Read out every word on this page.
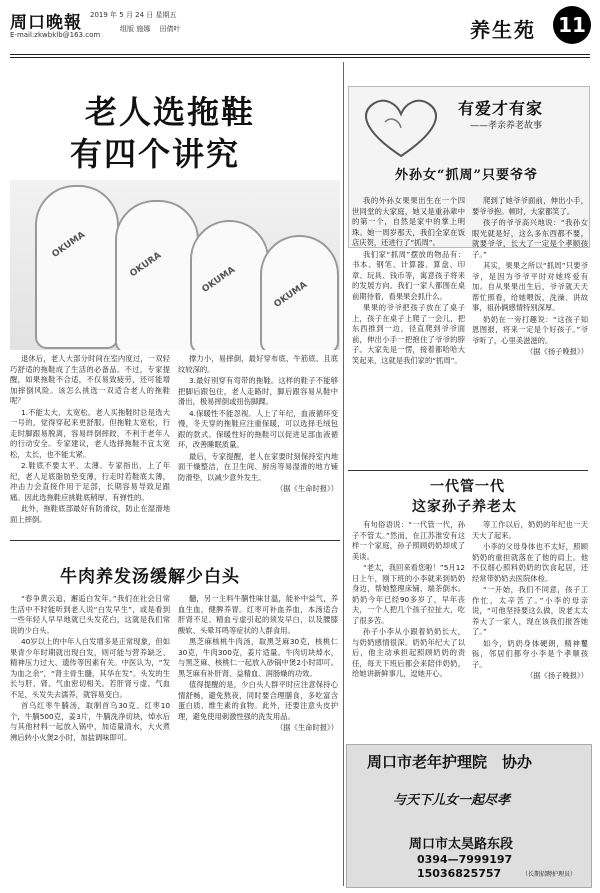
周口晚報
E-mail:zkwbklb@163.com
2019 年 5 月 24 日 星期五
组版 施娜　 田倩叶	养生苑 11
老人选拖鞋
有四个讲究
OKUMA
OKURA
OKUMA
OKUMA

退休后，老人大部分时间在室内度过，一双轻巧舒适的拖鞋成了生活的必备品。不过，专家提醒，如果拖鞋不合适，不仅易致疲劳，还可能增加摔倒风险。该怎么挑选一双适合老人的拖鞋呢？

1.不能太大、太宽松。老人买拖鞋时总是选大一号的，觉得穿起来更舒服。但拖鞋太宽松，行走时脚跟易脱离，容易绊倒摔跤，不利于老年人的行动安全。专家建议，老人选择拖鞋不宜太宽松，太长，也不能太紧。

2.鞋底不要太平、太薄。专家指出，上了年纪，老人足底脂肪垫变薄，行走时若鞋底太薄，冲击力会直接作用于足部，长期容易导致足跟痛。因此选拖鞋应挑鞋底稍厚、有弹性的。

此外，拖鞋底部最好有防滑纹，防止在湿滑地面上摔倒。

撑力小，易摔倒，最好穿布底、牛筋底、且底纹较深的。

3.最好别穿有弯带的拖鞋。这样的鞋子不能够把脚后跟包住，老人走路时，脚后跟容易从鞋中滑出，极易摔倒或扭伤脚踝。

4.保暖性不能忽视。人上了年纪，血液循环变慢，冬天穿的拖鞋应注重保暖，可以选择毛绒包跟的款式。保暖性好的拖鞋可以促进足部血液循环，改善睡眠质量。

最后，专家提醒，老人在家要时刻保持室内地面干燥整洁，在卫生间、厨房等易湿滑的地方铺防滑垫，以减少意外发生。

（据《生命时报》）
牛肉养发汤缓解少白头

“春争黄云追，邂逅白发年。”我们在社会日常生活中不时能听到老人说“白发早生”，或是看到一些年轻人早早地就已头发花白，这就是我们常说的少白头。

40岁以上的中年人白发增多是正常现象，但如果青少年时期就出现白发，则可能与营养缺乏、精神压力过大、遗传等因素有关。中医认为，“发为血之余”，“肾主骨生髓，其华在发”。头发的生长与肝、肾、气血密切相关。若肝肾亏虚、气血不足，头发失去濡养，就容易变白。

首乌红枣牛腩汤，取制首乌30克、红枣10个，牛腩500克，姜3片，牛腩洗净切块，焯水后与其他材料一起放入锅中，加适量清水，大火煮沸后转小火煲2小时，加盐调味即可。

髓，另一主料牛腩性味甘温，能补中益气，养血生血，健脾养胃。红枣可补血养血，本汤适合肝肾不足、精血亏虚引起的须发早白，以及腰膝酸软、头晕耳鸣等症状的人群食用。

黑芝麻核桃牛肉汤，取黑芝麻30克，核桃仁30克，牛肉300克，姜片适量。牛肉切块焯水，与黑芝麻、核桃仁一起放入砂锅中煲2小时即可。黑芝麻有补肝肾、益精血、润肠燥的功效。

值得提醒的是，少白头人群平时应注意保持心情舒畅，避免熬夜，同时要合理膳食，多吃富含蛋白质、维生素的食物。此外，还要注意头皮护理，避免使用刺激性强的洗发用品。

（据《生命时报》）
有爱才有家
——孝亲养老故事
外孙女“抓周”只要爷爷

我的外孙女果果出生在一个四世同堂的大家庭，她又是重孙辈中的第一个，自然是家中的掌上明珠。她一周岁那天，我们全家在饭店庆贺，还进行了“抓周”。

我们家“抓周”摆放的物品有：书本、钢笔、计算器、算盘、印章、玩具、钱币等，寓意孩子将来的发展方向。我们一家人都围在桌前期待着，看果果会抓什么。

果果的爷爷把孩子放在了桌子上，孩子在桌子上爬了一会儿，把东西推到一边，径直爬到爷爷面前，伸出小手一把抱住了爷爷的脖子。大家先是一愣，接着都哈哈大笑起来，这就是我们家的“抓周”。

爬到了她爷爷面前，伸出小手，要爷爷抱。顿时，大家都笑了。

孩子的爷爷高兴地说：“我孙女眼光就是好，这么多东西都不要，就要爷爷，长大了一定是个孝顺孩子。”

其实，果果之所以“抓周”只要爷爷，是因为爷爷平时对她疼爱有加。自从果果出生后，爷爷就天天帮忙照看，给她喂饭、洗澡、讲故事，祖孙俩感情特别深厚。

奶奶在一旁打趣说：“这孩子知恩图报，将来一定是个好孩子。”爷爷听了，心里美滋滋的。

（据《扬子晚报》）
一代管一代
这家孙子养老太

有句俗语说：“一代管一代，孙子不管太。”然而，在江苏淮安有这样一个家庭，孙子照顾奶奶却成了美谈。

“老太，我回来看您啦！”5月12日上午，刚下班的小李就来到奶奶身边，帮她整理床铺、端茶倒水。奶奶今年已经90多岁了，早年丧夫，一个人把几个孩子拉扯大，吃了很多苦。

孙子小李从小跟着奶奶长大，与奶奶感情很深。奶奶年纪大了以后，他主动承担起照顾奶奶的责任，每天下班后都会来陪伴奶奶，给她讲新鲜事儿，逗她开心。

等工作以后，奶奶的年纪也一天天大了起来。

小李的父母身体也不太好，照顾奶奶的重担就落在了他的肩上。他不仅细心照料奶奶的饮食起居，还经常带奶奶去医院体检。

“一开始，我们不同意，孩子工作忙，太辛苦了。”小李的母亲说，“可他坚持要这么做，说老太太养大了一家人，现在该我们报答她了。”

如今，奶奶身体硬朗，精神矍铄，邻居们都夸小李是个孝顺孩子。

（据《扬子晚报》）
周口市老年护理院　协办
与天下儿女一起尽孝
周口市太昊路东段
0394—7999197
15036825757	（长期招聘护理员）
